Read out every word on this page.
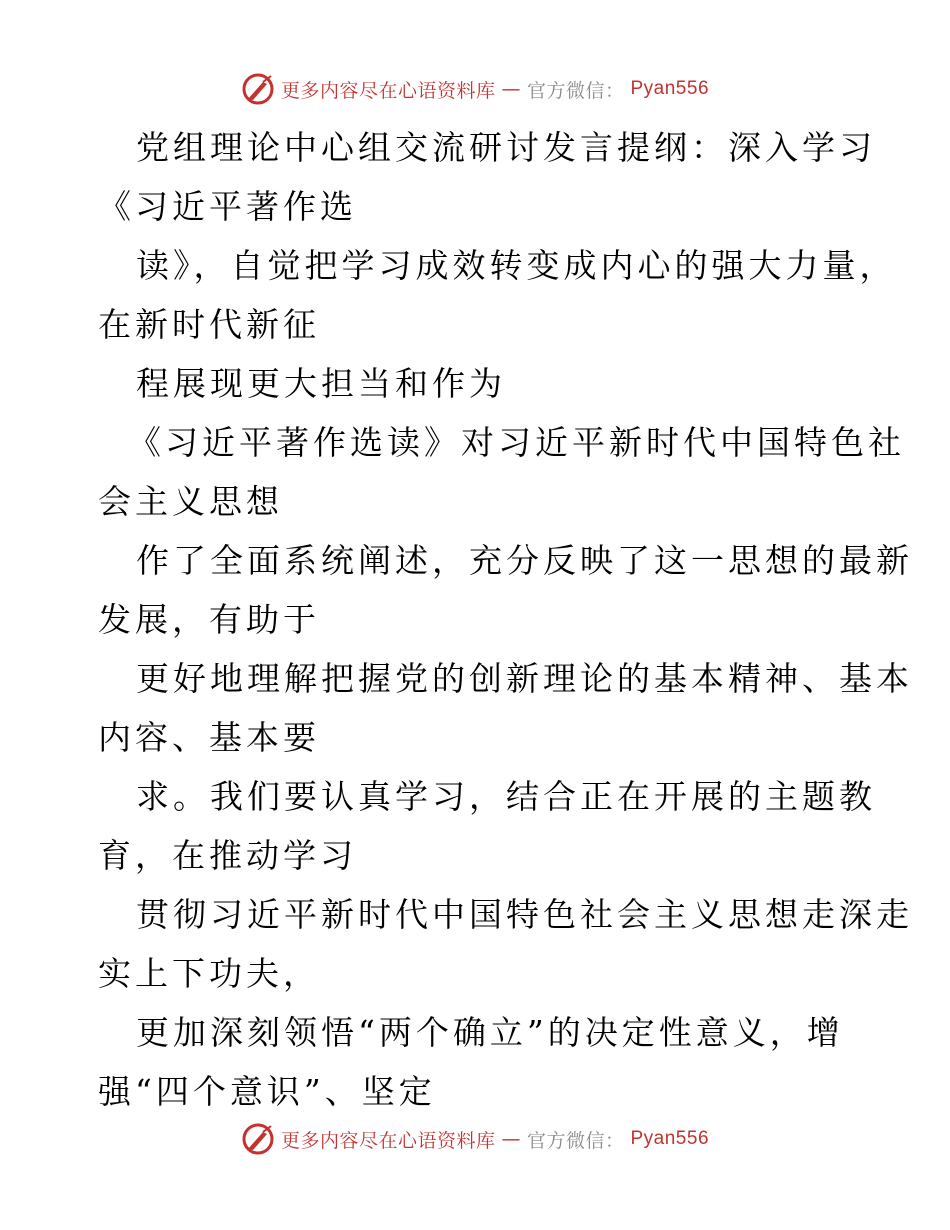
更多内容尽在心语资料库 — 官方微信： Pyan556
党组理论中心组交流研讨发言提纲：深入学习
《习近平著作选
读》，自觉把学习成效转变成内心的强大力量，
在新时代新征
程展现更大担当和作为
《习近平著作选读》对习近平新时代中国特色社
会主义思想
作了全面系统阐述，充分反映了这一思想的最新
发展，有助于
更好地理解把握党的创新理论的基本精神、基本
内容、基本要
求。我们要认真学习，结合正在开展的主题教
育，在推动学习
贯彻习近平新时代中国特色社会主义思想走深走
实上下功夫，
更加深刻领悟“两个确立”的决定性意义，增
强“四个意识”、坚定
更多内容尽在心语资料库 — 官方微信： Pyan556
